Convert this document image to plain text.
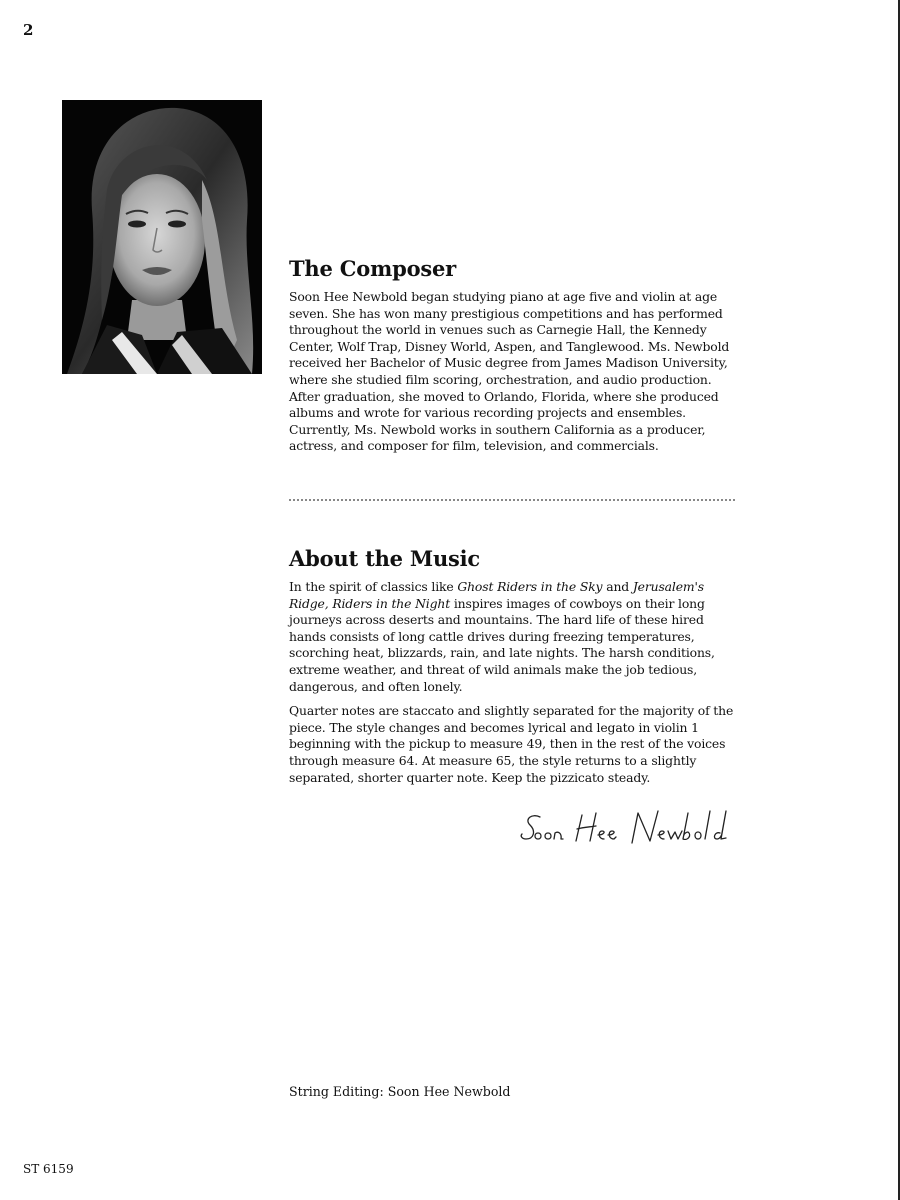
2
The Composer

Soon Hee Newbold began studying piano at age five and violin at age seven. She has won many prestigious competitions and has performed throughout the world in venues such as Carnegie Hall, the Kennedy Center, Wolf Trap, Disney World, Aspen, and Tanglewood. Ms. Newbold received her Bachelor of Music degree from James Madison University, where she studied film scoring, orchestration, and audio production. After graduation, she moved to Orlando, Florida, where she produced albums and wrote for various recording projects and ensembles. Currently, Ms. Newbold works in southern California as a producer, actress, and composer for film, television, and commercials.

About the Music

In the spirit of classics like Ghost Riders in the Sky and Jerusalem's Ridge, Riders in the Night inspires images of cowboys on their long journeys across deserts and mountains. The hard life of these hired hands consists of long cattle drives during freezing temperatures, scorching heat, blizzards, rain, and late nights. The harsh conditions, extreme weather, and threat of wild animals make the job tedious, dangerous, and often lonely.

Quarter notes are staccato and slightly separated for the majority of the piece. The style changes and becomes lyrical and legato in violin 1 beginning with the pickup to measure 49, then in the rest of the voices through measure 64. At measure 65, the style returns to a slightly separated, shorter quarter note. Keep the pizzicato steady.

String Editing: Soon Hee Newbold
ST 6159
